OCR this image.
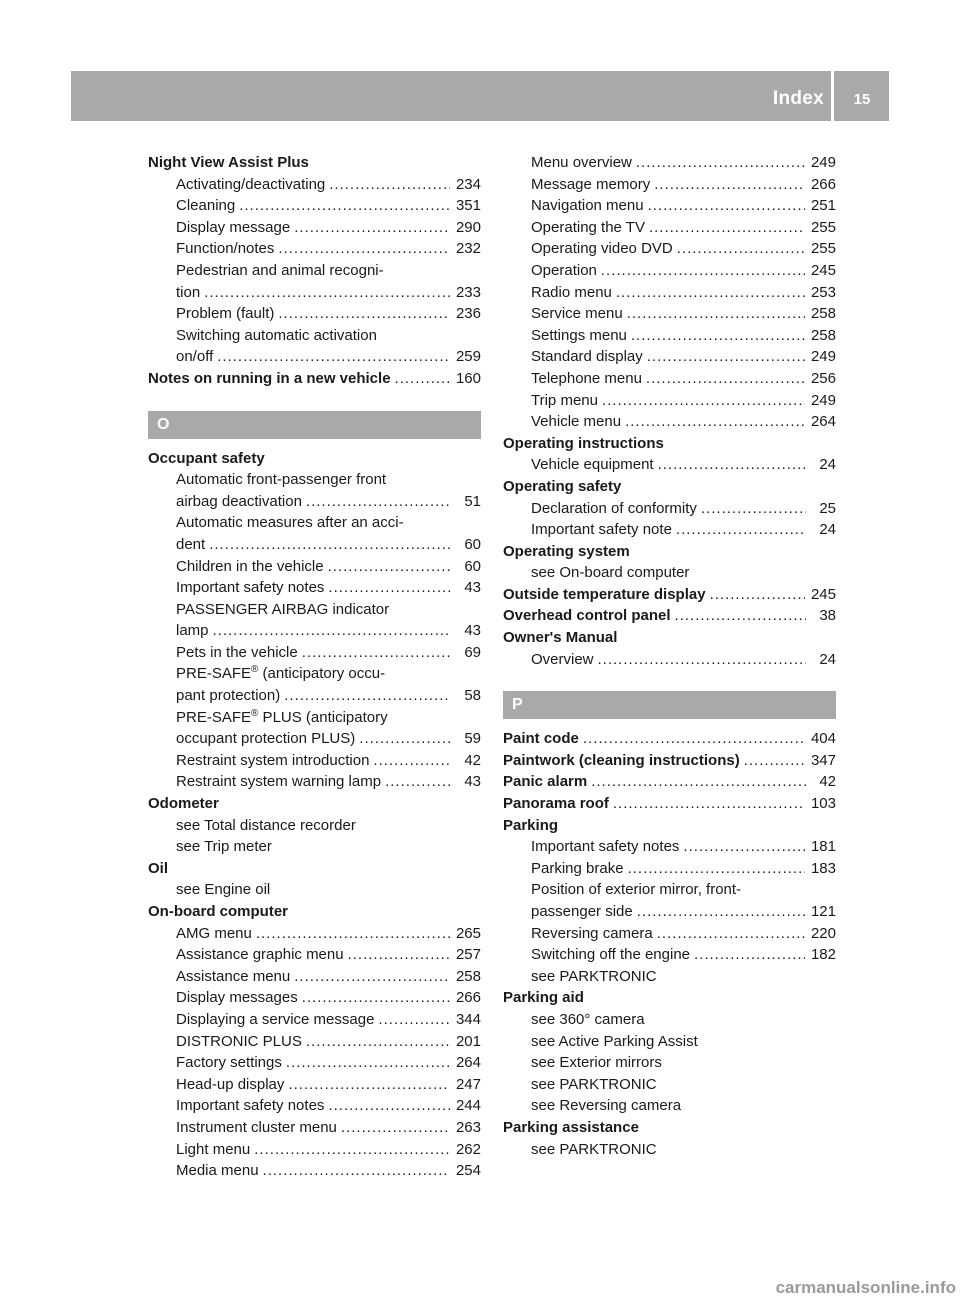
Index	15
Night View Assist Plus
Activating/deactivating .....	234
Cleaning .....	351
Display message .....	290
Function/notes .....	232
Pedestrian and animal recogni-
tion .....	233
Problem (fault) .....	236
Switching automatic activation
on/off .....	259
Notes on running in a new vehicle .....	160
O
Occupant safety
Automatic front-passenger front
airbag deactivation .....	51
Automatic measures after an acci-
dent .....	60
Children in the vehicle .....	60
Important safety notes .....	43
PASSENGER AIRBAG indicator
lamp .....	43
Pets in the vehicle .....	69
PRE-SAFE® (anticipatory occu-
pant protection) .....	58
PRE-SAFE® PLUS (anticipatory
occupant protection PLUS) .....	59
Restraint system introduction .....	42
Restraint system warning lamp .....	43
Odometer
see Total distance recorder
see Trip meter
Oil
see Engine oil
On-board computer
AMG menu .....	265
Assistance graphic menu .....	257
Assistance menu .....	258
Display messages .....	266
Displaying a service message .....	344
DISTRONIC PLUS .....	201
Factory settings .....	264
Head-up display .....	247
Important safety notes .....	244
Instrument cluster menu .....	263
Light menu .....	262
Media menu .....	254
Menu overview .....	249
Message memory .....	266
Navigation menu .....	251
Operating the TV .....	255
Operating video DVD .....	255
Operation .....	245
Radio menu .....	253
Service menu .....	258
Settings menu .....	258
Standard display .....	249
Telephone menu .....	256
Trip menu .....	249
Vehicle menu .....	264
Operating instructions
Vehicle equipment .....	24
Operating safety
Declaration of conformity .....	25
Important safety note .....	24
Operating system
see On-board computer
Outside temperature display .....	245
Overhead control panel .....	38
Owner's Manual
Overview .....	24
P
Paint code .....	404
Paintwork (cleaning instructions) .....	347
Panic alarm .....	42
Panorama roof .....	103
Parking
Important safety notes .....	181
Parking brake .....	183
Position of exterior mirror, front-
passenger side .....	121
Reversing camera .....	220
Switching off the engine .....	182
see PARKTRONIC
Parking aid
see 360° camera
see Active Parking Assist
see Exterior mirrors
see PARKTRONIC
see Reversing camera
Parking assistance
see PARKTRONIC
carmanualsonline.info
